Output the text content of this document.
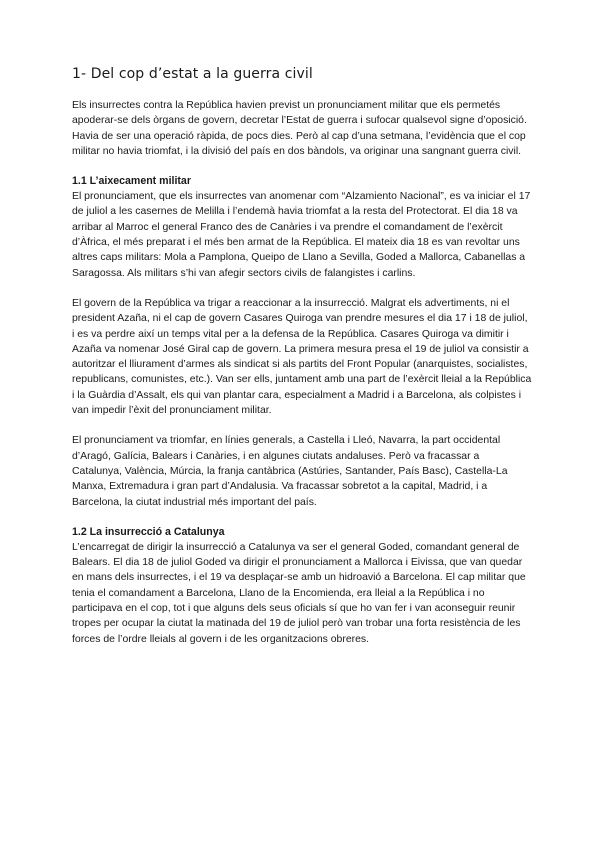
1- Del cop d’estat a la guerra civil

Els insurrectes contra la República havien previst un pronunciament militar que els permetés apoderar-se dels òrgans de govern, decretar l’Estat de guerra i sufocar qualsevol signe d’oposició. Havia de ser una operació ràpida, de pocs dies. Però al cap d’una setmana, l’evidència que el cop militar no havia triomfat, i la divisió del país en dos bàndols, va originar una sangnant guerra civil.

1.1 L’aixecament militar

El pronunciament, que els insurrectes van anomenar com “Alzamiento Nacional”, es va iniciar el 17 de juliol a les casernes de Melilla i l’endemà havia triomfat a la resta del Protectorat. El dia 18 va arribar al Marroc el general Franco des de Canàries i va prendre el comandament de l’exèrcit d’Àfrica, el més preparat i el més ben armat de la República. El mateix dia 18 es van revoltar uns altres caps militars: Mola a Pamplona, Queipo de Llano a Sevilla, Goded a Mallorca, Cabanellas a Saragossa. Als militars s’hi van afegir sectors civils de falangistes i carlins.

El govern de la República va trigar a reaccionar a la insurrecció. Malgrat els advertiments, ni el president Azaña, ni el cap de govern Casares Quiroga van prendre mesures el dia 17 i 18 de juliol, i es va perdre així un temps vital per a la defensa de la República. Casares Quiroga va dimitir i Azaña va nomenar José Giral cap de govern. La primera mesura presa el 19 de juliol va consistir a autoritzar el lliurament d’armes als sindicat si als partits del Front Popular (anarquistes, socialistes, republicans, comunistes, etc.). Van ser ells, juntament amb una part de l’exèrcit lleial a la República i la Guàrdia d’Assalt, els qui van plantar cara, especialment a Madrid i a Barcelona, als colpistes i van impedir l’èxit del pronunciament militar.

El pronunciament va triomfar, en línies generals, a Castella i Lleó, Navarra, la part occidental d’Aragó, Galícia, Balears i Canàries, i en algunes ciutats andaluses. Però va fracassar a Catalunya, València, Múrcia, la franja cantàbrica (Astúries, Santander, País Basc), Castella-La Manxa, Extremadura i gran part d’Andalusia. Va fracassar sobretot a la capital, Madrid, i a Barcelona, la ciutat industrial més important del país.

1.2 La insurrecció a Catalunya

L’encarregat de dirigir la insurrecció a Catalunya va ser el general Goded, comandant general de Balears. El dia 18 de juliol Goded va dirigir el pronunciament a Mallorca i Eivissa, que van quedar en mans dels insurrectes, i el 19 va desplaçar-se amb un hidroavió a Barcelona. El cap militar que tenia el comandament a Barcelona, Llano de la Encomienda, era lleial a la República i no participava en el cop, tot i que alguns dels seus oficials sí que ho van fer i van aconseguir reunir tropes per ocupar la ciutat la matinada del 19 de juliol però van trobar una forta resistència de les forces de l’ordre lleials al govern i de les organitzacions obreres.
